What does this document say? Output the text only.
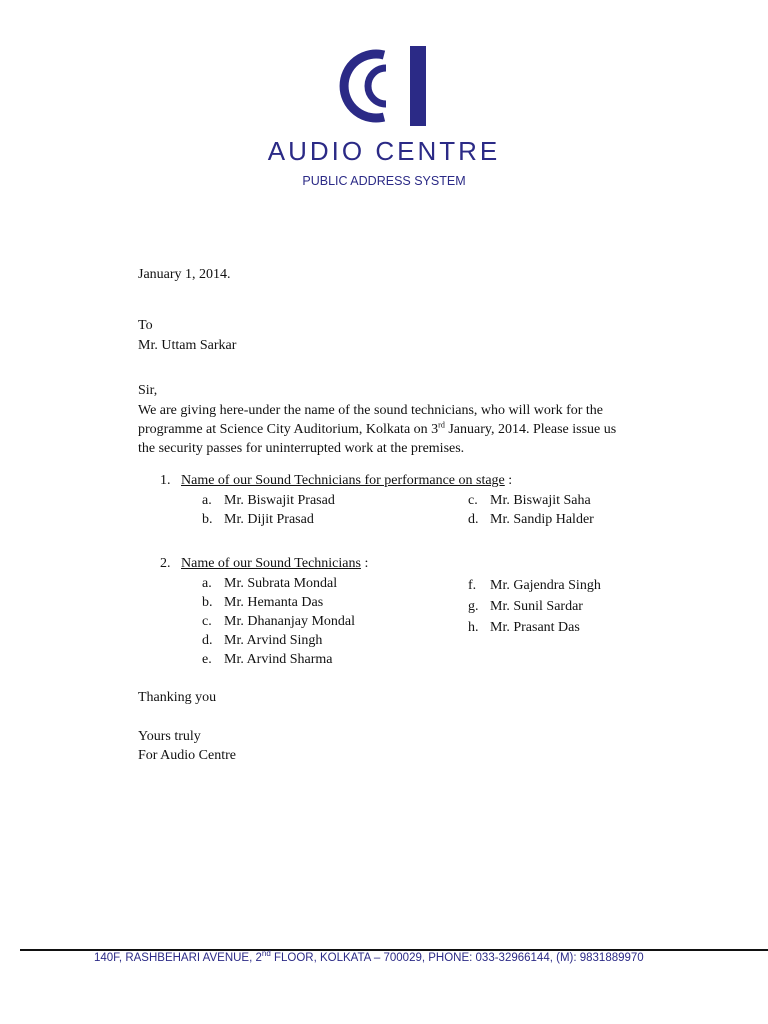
AUDIO CENTRE
PUBLIC ADDRESS SYSTEM
January 1, 2014.
To
Mr. Uttam Sarkar
Sir,
We are giving here-under the name of the sound technicians, who will work for the
programme at Science City Auditorium, Kolkata on 3rd January, 2014. Please issue us
the security passes for uninterrupted work at the premises.
1. Name of our Sound Technicians for performance on stage :
a. Mr. Biswajit Prasad
b. Mr. Dijit Prasad
c. Mr. Biswajit Saha
d. Mr. Sandip Halder
2. Name of our Sound Technicians :
a. Mr. Subrata Mondal
b. Mr. Hemanta Das
c. Mr. Dhananjay Mondal
d. Mr. Arvind Singh
e. Mr. Arvind Sharma
f. Mr. Gajendra Singh
g. Mr. Sunil Sardar
h. Mr. Prasant Das
Thanking you
Yours truly
For Audio Centre
140F, RASHBEHARI AVENUE, 2nd FLOOR, KOLKATA – 700029, PHONE: 033-32966144, (M): 9831889970
